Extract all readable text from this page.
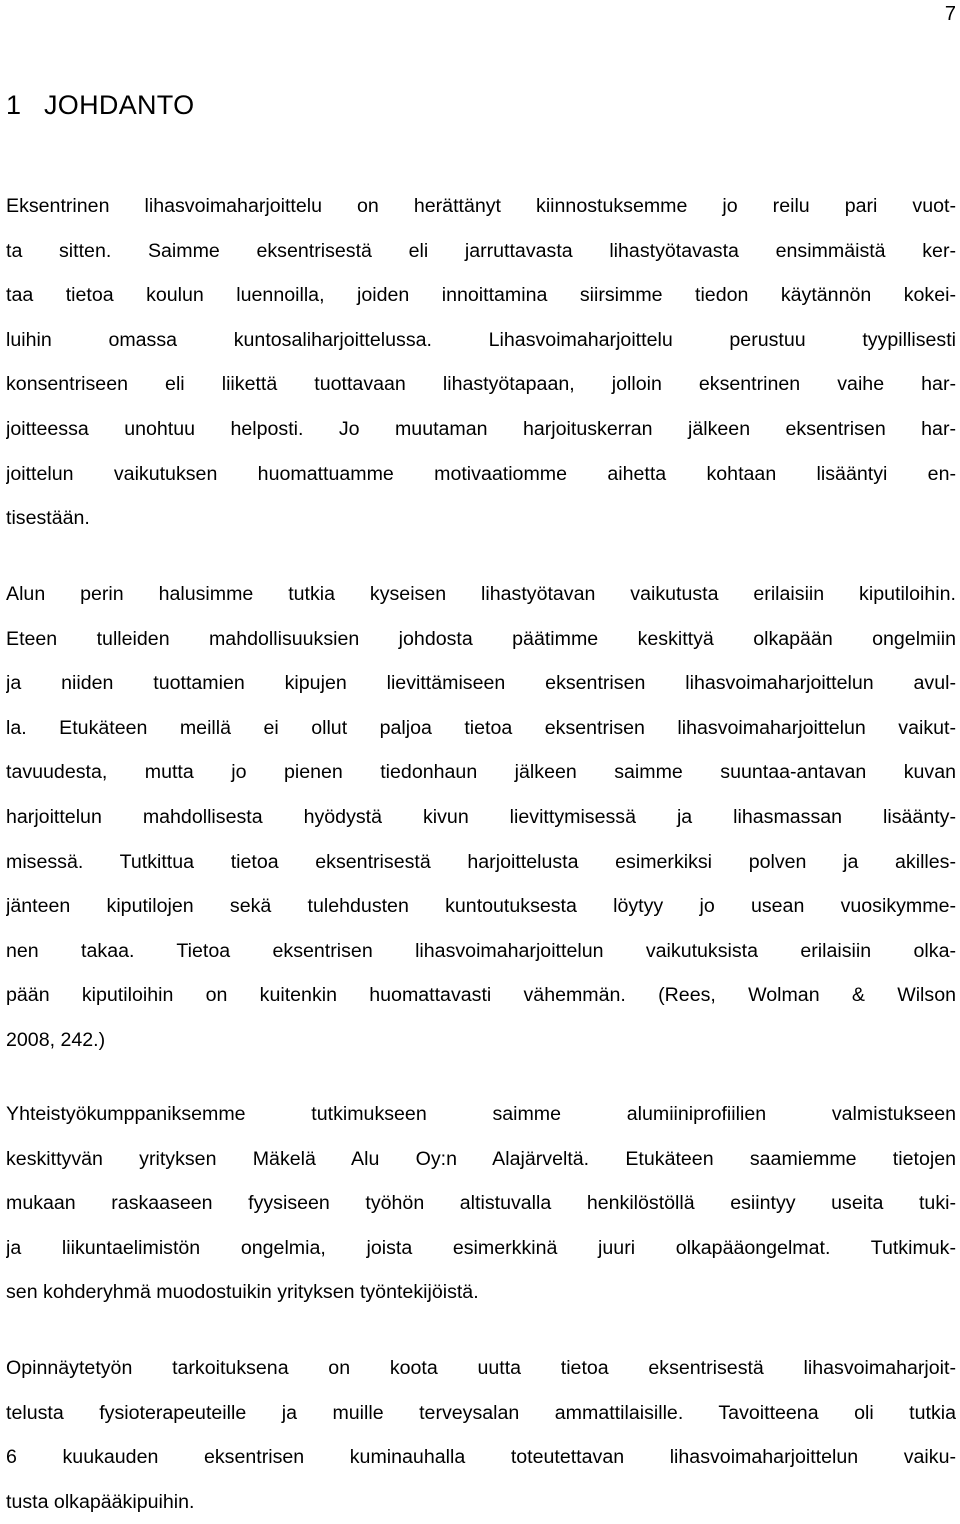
7
1 JOHDANTO
Eksentrinen lihasvoimaharjoittelu on herättänyt kiinnostuksemme jo reilu pari vuot-
ta sitten. Saimme eksentrisestä eli jarruttavasta lihastyötavasta ensimmäistä ker-
taa tietoa koulun luennoilla, joiden innoittamina siirsimme tiedon käytännön kokei-
luihin omassa kuntosaliharjoittelussa. Lihasvoimaharjoittelu perustuu tyypillisesti
konsentriseen eli liikettä tuottavaan lihastyötapaan, jolloin eksentrinen vaihe har-
joitteessa unohtuu helposti. Jo muutaman harjoituskerran jälkeen eksentrisen har-
joittelun vaikutuksen huomattuamme motivaatiomme aihetta kohtaan lisääntyi en-
tisestään.
Alun perin halusimme tutkia kyseisen lihastyötavan vaikutusta erilaisiin kiputiloihin.
Eteen tulleiden mahdollisuuksien johdosta päätimme keskittyä olkapään ongelmiin
ja niiden tuottamien kipujen lievittämiseen eksentrisen lihasvoimaharjoittelun avul-
la. Etukäteen meillä ei ollut paljoa tietoa eksentrisen lihasvoimaharjoittelun vaikut-
tavuudesta, mutta jo pienen tiedonhaun jälkeen saimme suuntaa-antavan kuvan
harjoittelun mahdollisesta hyödystä kivun lievittymisessä ja lihasmassan lisäänty-
misessä. Tutkittua tietoa eksentrisestä harjoittelusta esimerkiksi polven ja akilles-
jänteen kiputilojen sekä tulehdusten kuntoutuksesta löytyy jo usean vuosikymme-
nen takaa. Tietoa eksentrisen lihasvoimaharjoittelun vaikutuksista erilaisiin olka-
pään kiputiloihin on kuitenkin huomattavasti vähemmän. (Rees, Wolman & Wilson
2008, 242.)
Yhteistyökumppaniksemme tutkimukseen saimme alumiiniprofiilien valmistukseen
keskittyvän yrityksen Mäkelä Alu Oy:n Alajärveltä. Etukäteen saamiemme tietojen
mukaan raskaaseen fyysiseen työhön altistuvalla henkilöstöllä esiintyy useita tuki-
ja liikuntaelimistön ongelmia, joista esimerkkinä juuri olkapääongelmat. Tutkimuk-
sen kohderyhmä muodostuikin yrityksen työntekijöistä.
Opinnäytetyön tarkoituksena on koota uutta tietoa eksentrisestä lihasvoimaharjoit-
telusta fysioterapeuteille ja muille terveysalan ammattilaisille. Tavoitteena oli tutkia
6 kuukauden eksentrisen kuminauhalla toteutettavan lihasvoimaharjoittelun vaiku-
tusta olkapääkipuihin.
